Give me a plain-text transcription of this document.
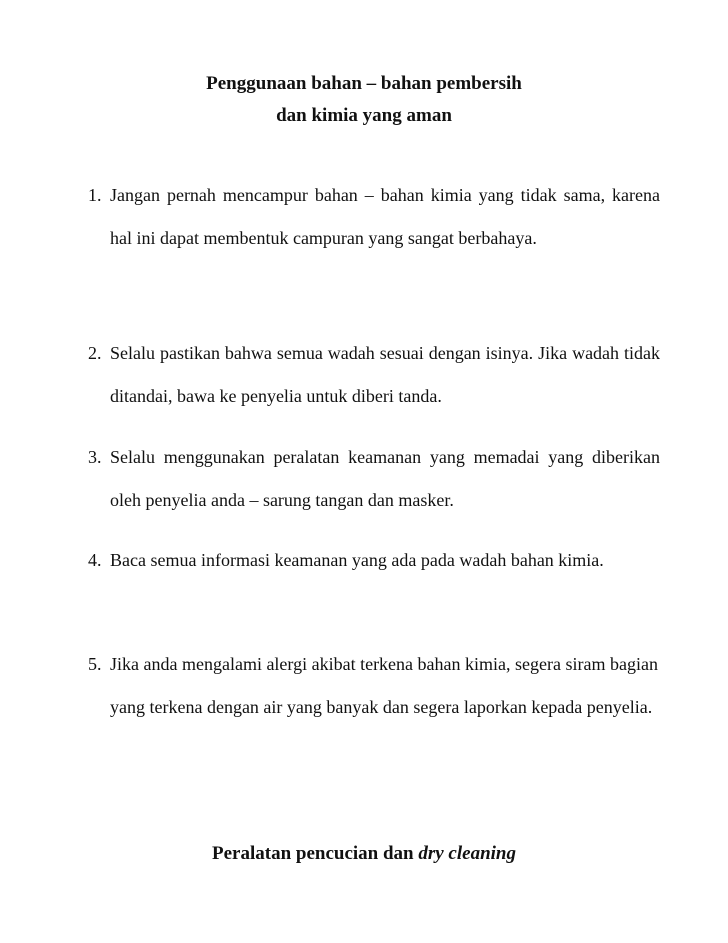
Penggunaan bahan – bahan pembersih
dan kimia yang aman
1. Jangan pernah mencampur bahan – bahan kimia yang tidak sama, karena hal ini dapat membentuk campuran yang sangat berbahaya.
2. Selalu pastikan bahwa semua wadah sesuai dengan isinya. Jika wadah tidak ditandai, bawa ke penyelia untuk diberi tanda.
3. Selalu menggunakan peralatan keamanan yang memadai yang diberikan oleh penyelia anda – sarung tangan dan masker.
4. Baca semua informasi keamanan yang ada pada wadah bahan kimia.
5. Jika anda mengalami alergi akibat terkena bahan kimia, segera siram bagian yang terkena dengan air yang banyak dan segera laporkan kepada penyelia.
Peralatan pencucian dan dry cleaning
